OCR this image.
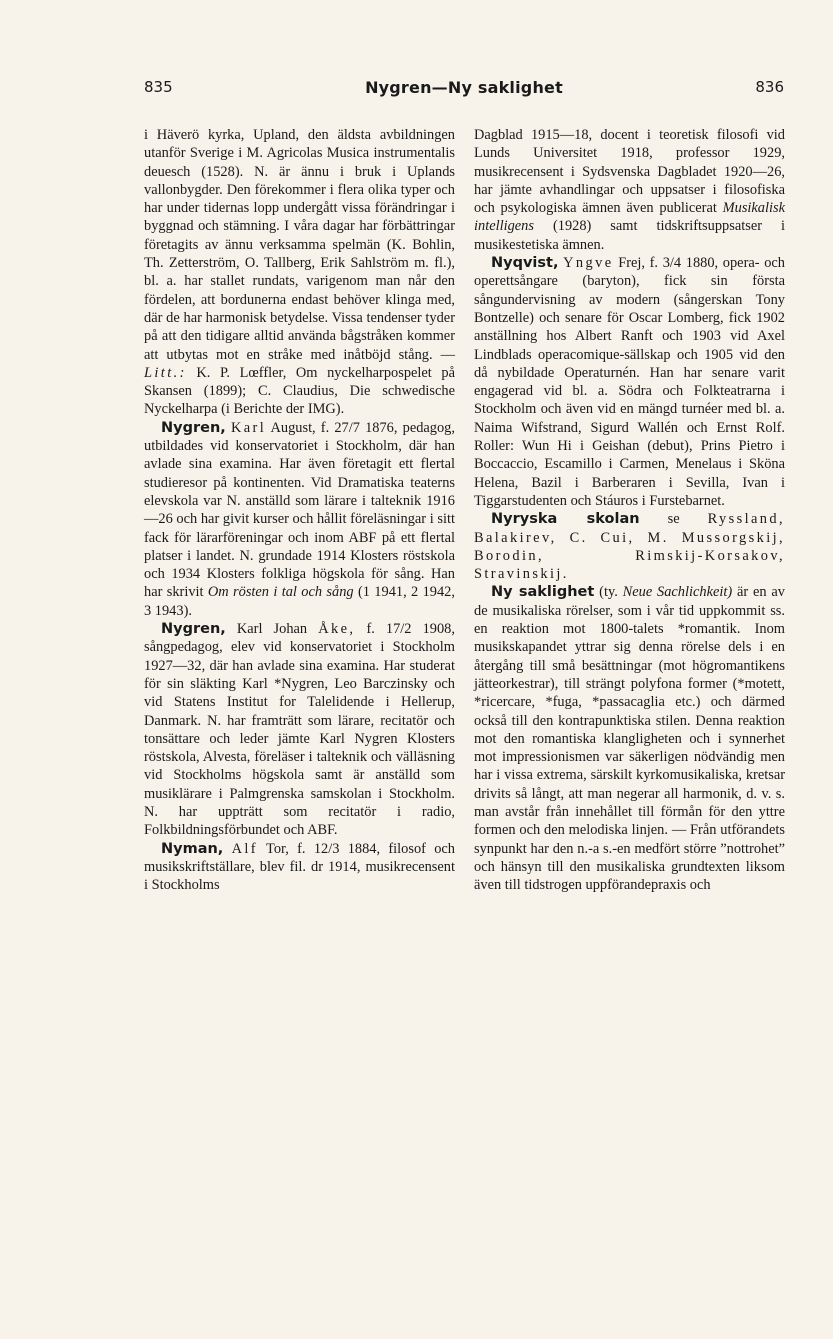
835	Nygren—Ny saklighet	836

i Häverö kyrka, Upland, den äldsta avbildningen utanför Sverige i M. Agricolas Musica instrumentalis deuesch (1528). N. är ännu i bruk i Uplands vallonbygder. Den förekommer i flera olika typer och har under tidernas lopp undergått vissa förändringar i byggnad och stämning. I våra dagar har förbättringar företagits av ännu verksamma spelmän (K. Bohlin, Th. Zetterström, O. Tallberg, Erik Sahlström m. fl.), bl. a. har stallet rundats, varigenom man når den fördelen, att bordunerna endast behöver klinga med, där de har harmonisk betydelse. Vissa tendenser tyder på att den tidigare alltid använda bågstråken kommer att utbytas mot en stråke med inåtböjd stång. — Litt.: K. P. Lœffler, Om nyckelharpospelet på Skansen (1899); C. Claudius, Die schwedische Nyckelharpa (i Berichte der IMG).

Nygren, Karl August, f. 27/7 1876, pedagog, utbildades vid konservatoriet i Stockholm, där han avlade sina examina. Har även företagit ett flertal studieresor på kontinenten. Vid Dramatiska teaterns elevskola var N. anställd som lärare i talteknik 1916—26 och har givit kurser och hållit föreläsningar i sitt fack för lärarföreningar och inom ABF på ett flertal platser i landet. N. grundade 1914 Klosters röstskola och 1934 Klosters folkliga högskola för sång. Han har skrivit Om rösten i tal och sång (1 1941, 2 1942, 3 1943).

Nygren, Karl Johan Åke, f. 17/2 1908, sångpedagog, elev vid konservatoriet i Stockholm 1927—32, där han avlade sina examina. Har studerat för sin släkting Karl *Nygren, Leo Barczinsky och vid Statens Institut for Talelidende i Hellerup, Danmark. N. har framträtt som lärare, recitatör och tonsättare och leder jämte Karl Nygren Klosters röstskola, Alvesta, föreläser i talteknik och välläsning vid Stockholms högskola samt är anställd som musiklärare i Palmgrenska samskolan i Stockholm. N. har uppträtt som recitatör i radio, Folkbildningsförbundet och ABF.

Nyman, Alf Tor, f. 12/3 1884, filosof och musikskriftställare, blev fil. dr 1914, musikrecensent i Stockholms

Dagblad 1915—18, docent i teoretisk filosofi vid Lunds Universitet 1918, professor 1929, musikrecensent i Sydsvenska Dagbladet 1920—26, har jämte avhandlingar och uppsatser i filosofiska och psykologiska ämnen även publicerat Musikalisk intelligens (1928) samt tidskriftsuppsatser i musikestetiska ämnen.

Nyqvist, Yngve Frej, f. 3/4 1880, opera- och operettsångare (baryton), fick sin första sångundervisning av modern (sångerskan Tony Bontzelle) och senare för Oscar Lomberg, fick 1902 anställning hos Albert Ranft och 1903 vid Axel Lindblads operacomique-sällskap och 1905 vid den då nybildade Operaturnén. Han har senare varit engagerad vid bl. a. Södra och Folkteatrarna i Stockholm och även vid en mängd turnéer med bl. a. Naima Wifstrand, Sigurd Wallén och Ernst Rolf. Roller: Wun Hi i Geishan (debut), Prins Pietro i Boccaccio, Escamillo i Carmen, Menelaus i Sköna Helena, Bazil i Barberaren i Sevilla, Ivan i Tiggarstudenten och Stáuros i Furstebarnet.

Nyryska skolan se Ryssland, Balakirev, C. Cui, M. Mussorgskij, Borodin, Rimskij-Korsakov, Stravinskij.

Ny saklighet (ty. Neue Sachlichkeit) är en av de musikaliska rörelser, som i vår tid uppkommit ss. en reaktion mot 1800-talets *romantik. Inom musikskapandet yttrar sig denna rörelse dels i en återgång till små besättningar (mot högromantikens jätteorkestrar), till strängt polyfona former (*motett, *ricercare, *fuga, *passacaglia etc.) och därmed också till den kontrapunktiska stilen. Denna reaktion mot den romantiska klangligheten och i synnerhet mot impressionismen var säkerligen nödvändig men har i vissa extrema, särskilt kyrkomusikaliska, kretsar drivits så långt, att man negerar all harmonik, d. v. s. man avstår från innehållet till förmån för den yttre formen och den melodiska linjen. — Från utförandets synpunkt har den n.-a s.-en medfört större ”nottrohet” och hänsyn till den musikaliska grundtexten liksom även till tidstrogen uppförandepraxis och
